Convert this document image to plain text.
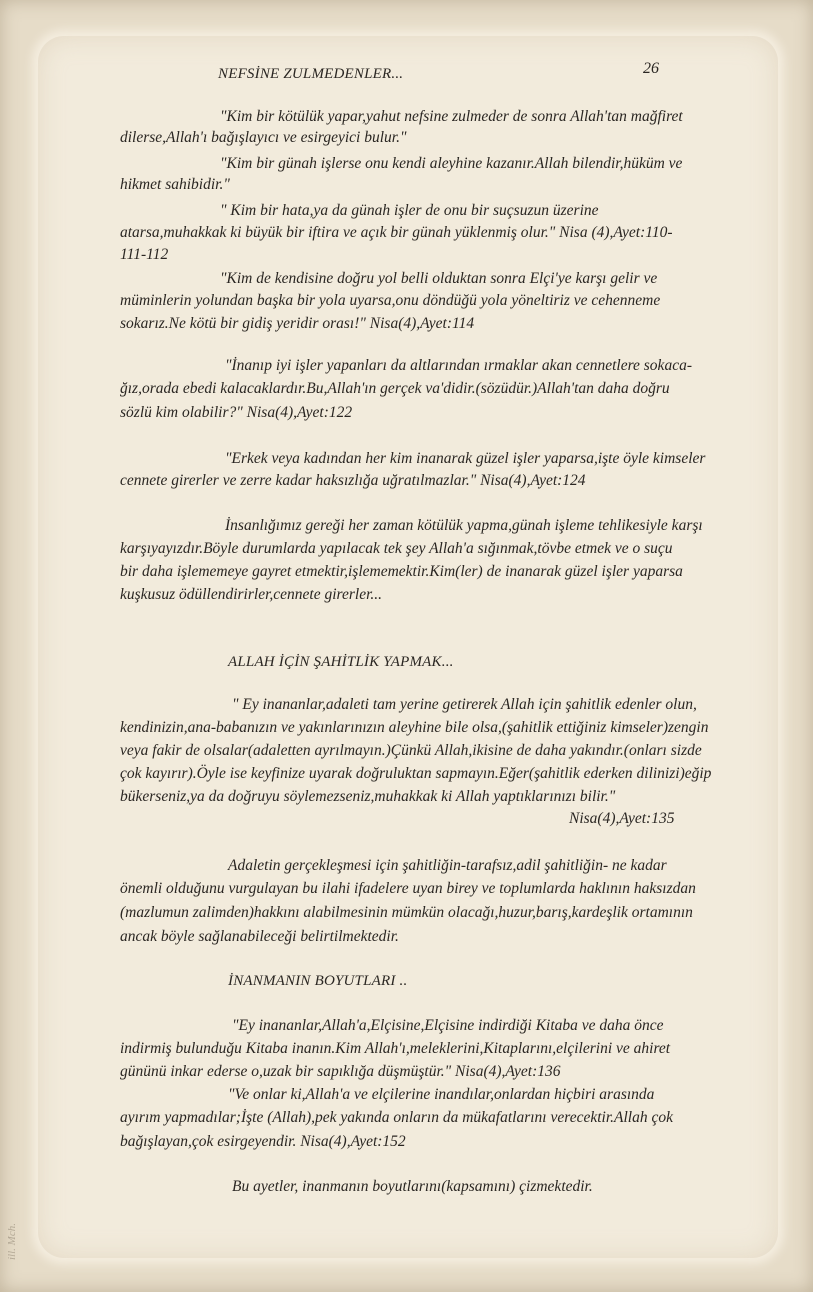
ill. Mch.
NEFSİNE ZULMEDENLER...	26
"Kim bir kötülük yapar,yahut nefsine zulmeder de sonra Allah'tan mağfiret
dilerse,Allah'ı bağışlayıcı ve esirgeyici bulur."
"Kim bir günah işlerse onu kendi aleyhine kazanır.Allah bilendir,hüküm ve
hikmet sahibidir."
" Kim bir hata,ya da günah işler de onu bir suçsuzun üzerine
atarsa,muhakkak ki büyük bir iftira ve açık bir günah yüklenmiş olur." Nisa (4),Ayet:110-
111-112
"Kim de kendisine doğru yol belli olduktan sonra Elçi'ye karşı gelir ve
müminlerin yolundan başka bir yola uyarsa,onu döndüğü yola yöneltiriz ve cehenneme
sokarız.Ne kötü bir gidiş yeridir orası!" Nisa(4),Ayet:114
"İnanıp iyi işler yapanları da altlarından ırmaklar akan cennetlere sokaca-
ğız,orada ebedi kalacaklardır.Bu,Allah'ın gerçek va'didir.(sözüdür.)Allah'tan daha doğru
sözlü kim olabilir?" Nisa(4),Ayet:122
"Erkek veya kadından her kim inanarak güzel işler yaparsa,işte öyle kimseler
cennete girerler ve zerre kadar haksızlığa uğratılmazlar." Nisa(4),Ayet:124
İnsanlığımız gereği her zaman kötülük yapma,günah işleme tehlikesiyle karşı
karşıyayızdır.Böyle durumlarda yapılacak tek şey Allah'a sığınmak,tövbe etmek ve o suçu
bir daha işlememeye gayret etmektir,işlememektir.Kim(ler) de inanarak güzel işler yaparsa
kuşkusuz ödüllendirirler,cennete girerler...
ALLAH İÇİN ŞAHİTLİK YAPMAK...
" Ey inananlar,adaleti tam yerine getirerek Allah için şahitlik edenler olun,
kendinizin,ana-babanızın ve yakınlarınızın aleyhine bile olsa,(şahitlik ettiğiniz kimseler)zengin
veya fakir de olsalar(adaletten ayrılmayın.)Çünkü Allah,ikisine de daha yakındır.(onları sizde
çok kayırır).Öyle ise keyfinize uyarak doğruluktan sapmayın.Eğer(şahitlik ederken dilinizi)eğip
bükerseniz,ya da doğruyu söylemezseniz,muhakkak ki Allah yaptıklarınızı bilir."
Nisa(4),Ayet:135
Adaletin gerçekleşmesi için şahitliğin-tarafsız,adil şahitliğin- ne kadar
önemli olduğunu vurgulayan bu ilahi ifadelere uyan birey ve toplumlarda haklının haksızdan
(mazlumun zalimden)hakkını alabilmesinin mümkün olacağı,huzur,barış,kardeşlik ortamının
ancak böyle sağlanabileceği belirtilmektedir.
İNANMANIN BOYUTLARI ..
"Ey inananlar,Allah'a,Elçisine,Elçisine indirdiği Kitaba ve daha önce
indirmiş bulunduğu Kitaba inanın.Kim Allah'ı,meleklerini,Kitaplarını,elçilerini ve ahiret
gününü inkar ederse o,uzak bir sapıklığa düşmüştür." Nisa(4),Ayet:136
"Ve onlar ki,Allah'a ve elçilerine inandılar,onlardan hiçbiri arasında
ayırım yapmadılar;İşte (Allah),pek yakında onların da mükafatlarını verecektir.Allah çok
bağışlayan,çok esirgeyendir. Nisa(4),Ayet:152
Bu ayetler, inanmanın boyutlarını(kapsamını) çizmektedir.
